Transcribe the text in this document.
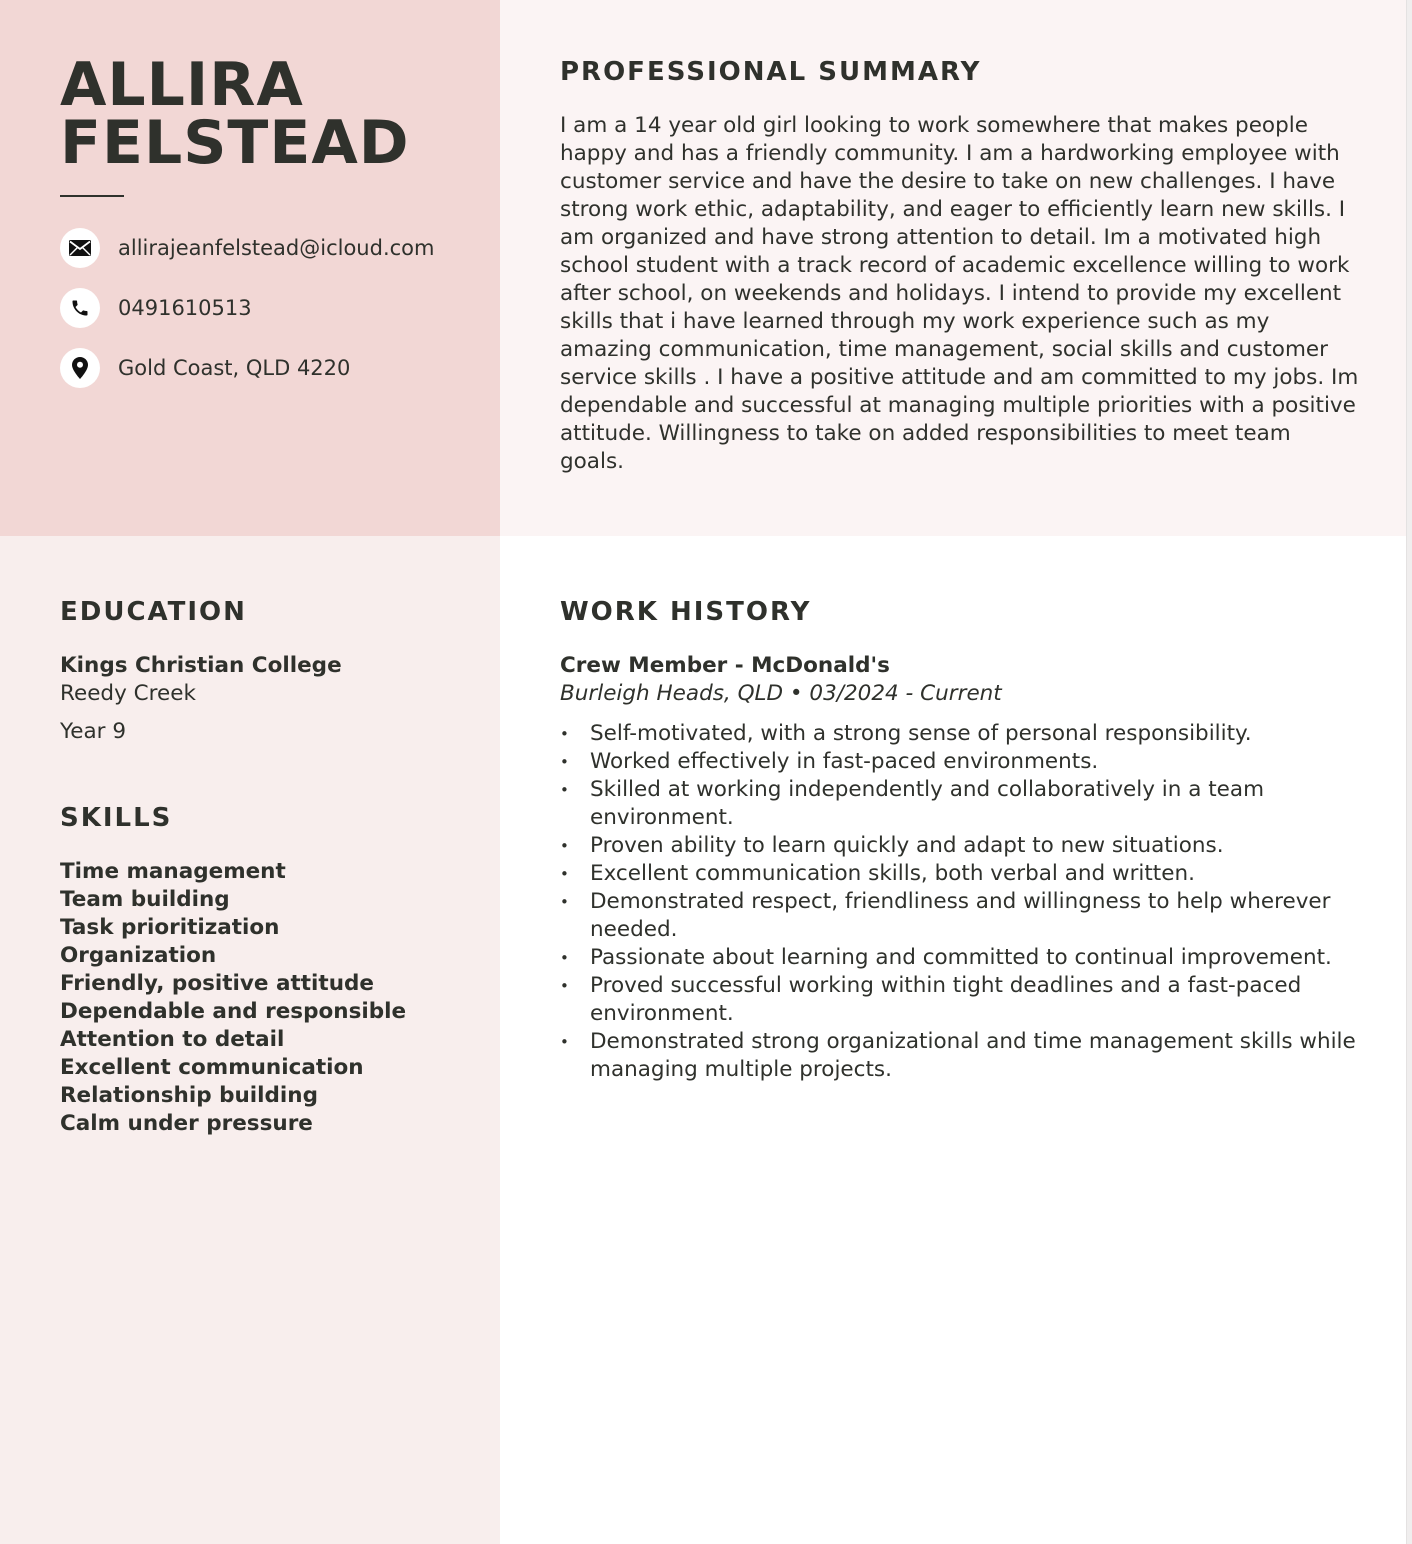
ALLIRA
FELSTEAD
allirajeanfelstead@icloud.com
0491610513
Gold Coast, QLD 4220
PROFESSIONAL SUMMARY
I am a 14 year old girl looking to work somewhere that makes people happy and has a friendly community. I am a hardworking employee with customer service and have the desire to take on new challenges. I have strong work ethic, adaptability, and eager to efficiently learn new skills. I am organized and have strong attention to detail. Im a motivated high school student with a track record of academic excellence willing to work after school, on weekends and holidays. I intend to provide my excellent skills that i have learned through my work experience such as my amazing communication, time management, social skills and customer service skills . I have a positive attitude and am committed to my jobs. Im dependable and successful at managing multiple priorities with a positive attitude. Willingness to take on added responsibilities to meet team goals.
EDUCATION
Kings Christian College
Reedy Creek
Year 9
SKILLS
Time management
Team building
Task prioritization
Organization
Friendly, positive attitude
Dependable and responsible
Attention to detail
Excellent communication
Relationship building
Calm under pressure
WORK HISTORY
Crew Member - McDonald's
Burleigh Heads, QLD • 03/2024 - Current
• Self-motivated, with a strong sense of personal responsibility.
• Worked effectively in fast-paced environments.
• Skilled at working independently and collaboratively in a team environment.
• Proven ability to learn quickly and adapt to new situations.
• Excellent communication skills, both verbal and written.
• Demonstrated respect, friendliness and willingness to help wherever needed.
• Passionate about learning and committed to continual improvement.
• Proved successful working within tight deadlines and a fast-paced environment.
• Demonstrated strong organizational and time management skills while managing multiple projects.
